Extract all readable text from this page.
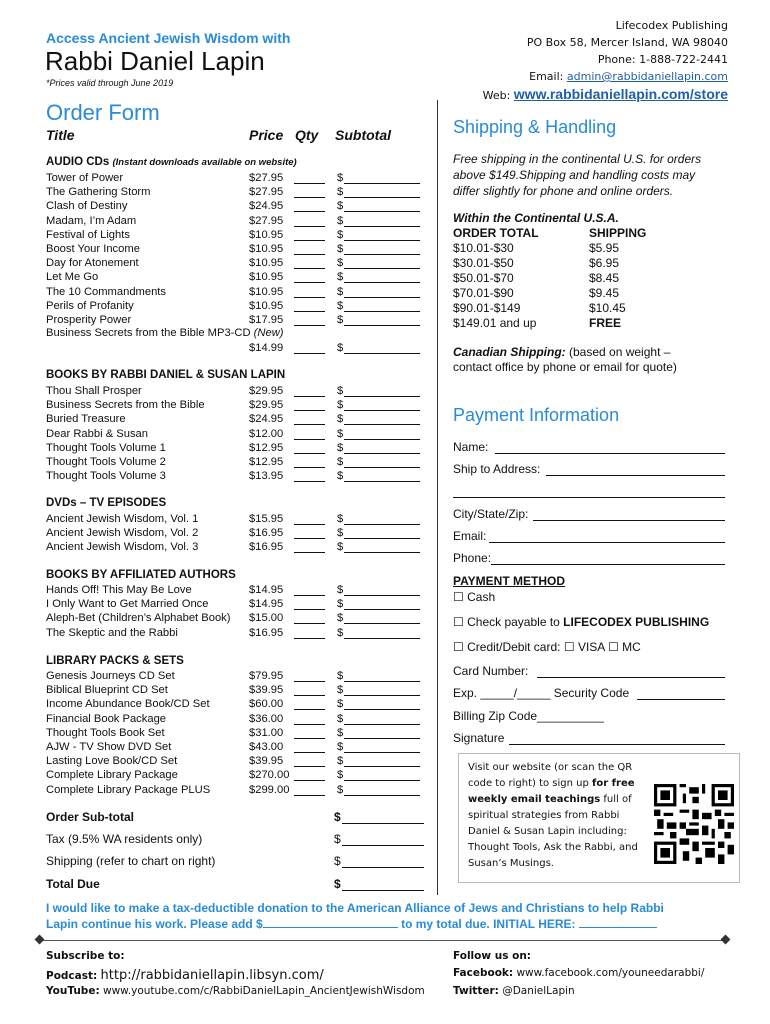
Access Ancient Jewish Wisdom with
Rabbi Daniel Lapin
*Prices valid through June 2019
Lifecodex Publishing
PO Box 58, Mercer Island, WA 98040
Phone: 1-888-722-2441
Email: admin@rabbidaniellapin.com
Web: www.rabbidaniellapin.com/store
Order Form
Title	Price Qty Subtotal
AUDIO CDs (Instant downloads available on website)
Tower of Power	$27.95	$
The Gathering Storm	$27.95	$
Clash of Destiny	$24.95	$
Madam, I’m Adam	$27.95	$
Festival of Lights	$10.95	$
Boost Your Income	$10.95	$
Day for Atonement	$10.95	$
Let Me Go	$10.95	$
The 10 Commandments	$10.95	$
Perils of Profanity	$10.95	$
Prosperity Power	$17.95	$
Business Secrets from the Bible MP3-CD (New)
$14.99	$
BOOKS BY RABBI DANIEL & SUSAN LAPIN
Thou Shall Prosper	$29.95	$
Business Secrets from the Bible	$29.95	$
Buried Treasure	$24.95	$
Dear Rabbi & Susan	$12.00	$
Thought Tools Volume 1	$12.95	$
Thought Tools Volume 2	$12.95	$
Thought Tools Volume 3	$13.95	$
DVDs – TV EPISODES
Ancient Jewish Wisdom, Vol. 1	$15.95	$
Ancient Jewish Wisdom, Vol. 2	$16.95	$
Ancient Jewish Wisdom, Vol. 3	$16.95	$
BOOKS BY AFFILIATED AUTHORS
Hands Off! This May Be Love	$14.95	$
I Only Want to Get Married Once	$14.95	$
Aleph-Bet (Children’s Alphabet Book) $15.00	$
The Skeptic and the Rabbi	$16.95	$
LIBRARY PACKS & SETS
Genesis Journeys CD Set	$79.95	$
Biblical Blueprint CD Set	$39.95	$
Income Abundance Book/CD Set	$60.00	$
Financial Book Package	$36.00	$
Thought Tools Book Set	$31.00	$
AJW - TV Show DVD Set	$43.00	$
Lasting Love Book/CD Set	$39.95	$
Complete Library Package	$270.00	$
Complete Library Package PLUS	$299.00	$
Order Sub-total	$
Tax (9.5% WA residents only)	$
Shipping (refer to chart on right)	$
Total Due	$
Shipping & Handling
Free shipping in the continental U.S. for orders above $149.Shipping and handling costs may differ slightly for phone and online orders.
Within the Continental U.S.A.
ORDER TOTAL	SHIPPING
$10.01-$30	$5.95
$30.01-$50	$6.95
$50.01-$70	$8.45
$70.01-$90	$9.45
$90.01-$149	$10.45
$149.01 and up	FREE
Canadian Shipping: (based on weight – contact office by phone or email for quote)
Payment Information
Name:
Ship to Address:
City/State/Zip:
Email:
Phone:
PAYMENT METHOD
☐ Cash
☐ Check payable to LIFECODEX PUBLISHING
☐ Credit/Debit card: ☐ VISA ☐ MC
Card Number:
Exp. _____/_____ Security Code
Billing Zip Code__________
Signature
Visit our website (or scan the QR code to right) to sign up for free weekly email teachings full of spiritual strategies from Rabbi Daniel & Susan Lapin including: Thought Tools, Ask the Rabbi, and Susan’s Musings.
I would like to make a tax-deductible donation to the American Alliance of Jews and Christians to help Rabbi
Lapin continue his work. Please add $	to my total due. INITIAL HERE:
Subscribe to:
Podcast: http://rabbidaniellapin.libsyn.com/
YouTube: www.youtube.com/c/RabbiDanielLapin_AncientJewishWisdom
Follow us on:
Facebook: www.facebook.com/youneedarabbi/
Twitter: @DanielLapin
